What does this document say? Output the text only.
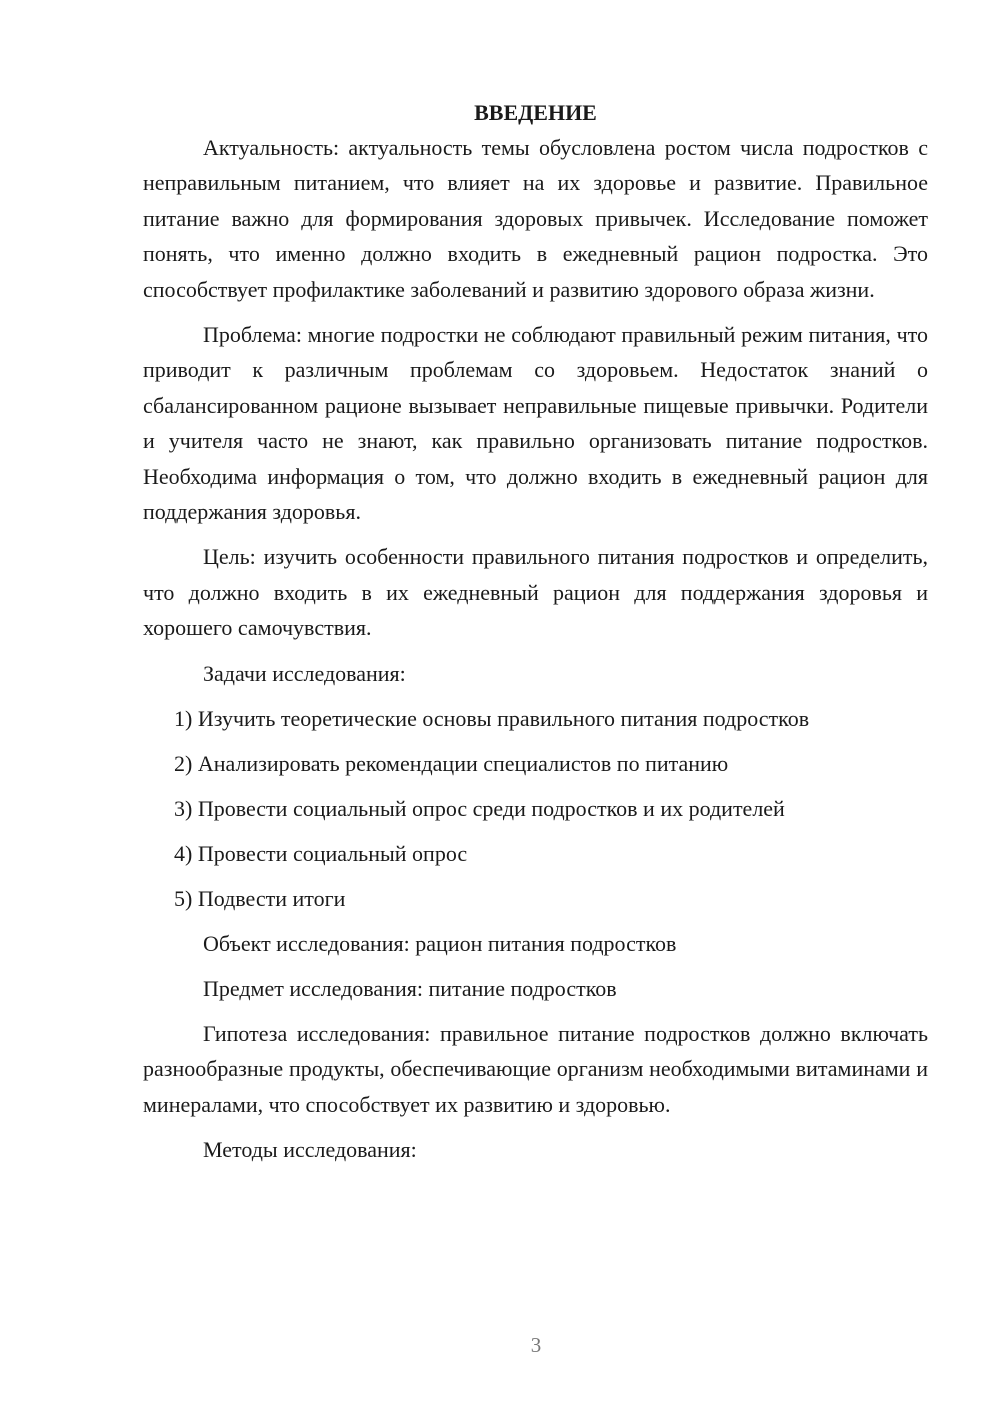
ВВЕДЕНИЕ

Актуальность: актуальность темы обусловлена ростом числа подростков с неправильным питанием, что влияет на их здоровье и развитие. Правильное питание важно для формирования здоровых привычек. Исследование поможет понять, что именно должно входить в ежедневный рацион подростка. Это способствует профилактике заболеваний и развитию здорового образа жизни.

Проблема: многие подростки не соблюдают правильный режим питания, что приводит к различным проблемам со здоровьем. Недостаток знаний о сбалансированном рационе вызывает неправильные пищевые привычки. Родители и учителя часто не знают, как правильно организовать питание подростков. Необходима информация о том, что должно входить в ежедневный рацион для поддержания здоровья.

Цель: изучить особенности правильного питания подростков и определить, что должно входить в их ежедневный рацион для поддержания здоровья и хорошего самочувствия.

Задачи исследования:

1) Изучить теоретические основы правильного питания подростков
2) Анализировать рекомендации специалистов по питанию
3) Провести социальный опрос среди подростков и их родителей
4) Провести социальный опрос
5) Подвести итоги

Объект исследования: рацион питания подростков

Предмет исследования: питание подростков

Гипотеза исследования: правильное питание подростков должно включать разнообразные продукты, обеспечивающие организм необходимыми витаминами и минералами, что способствует их развитию и здоровью.

Методы исследования:

3
